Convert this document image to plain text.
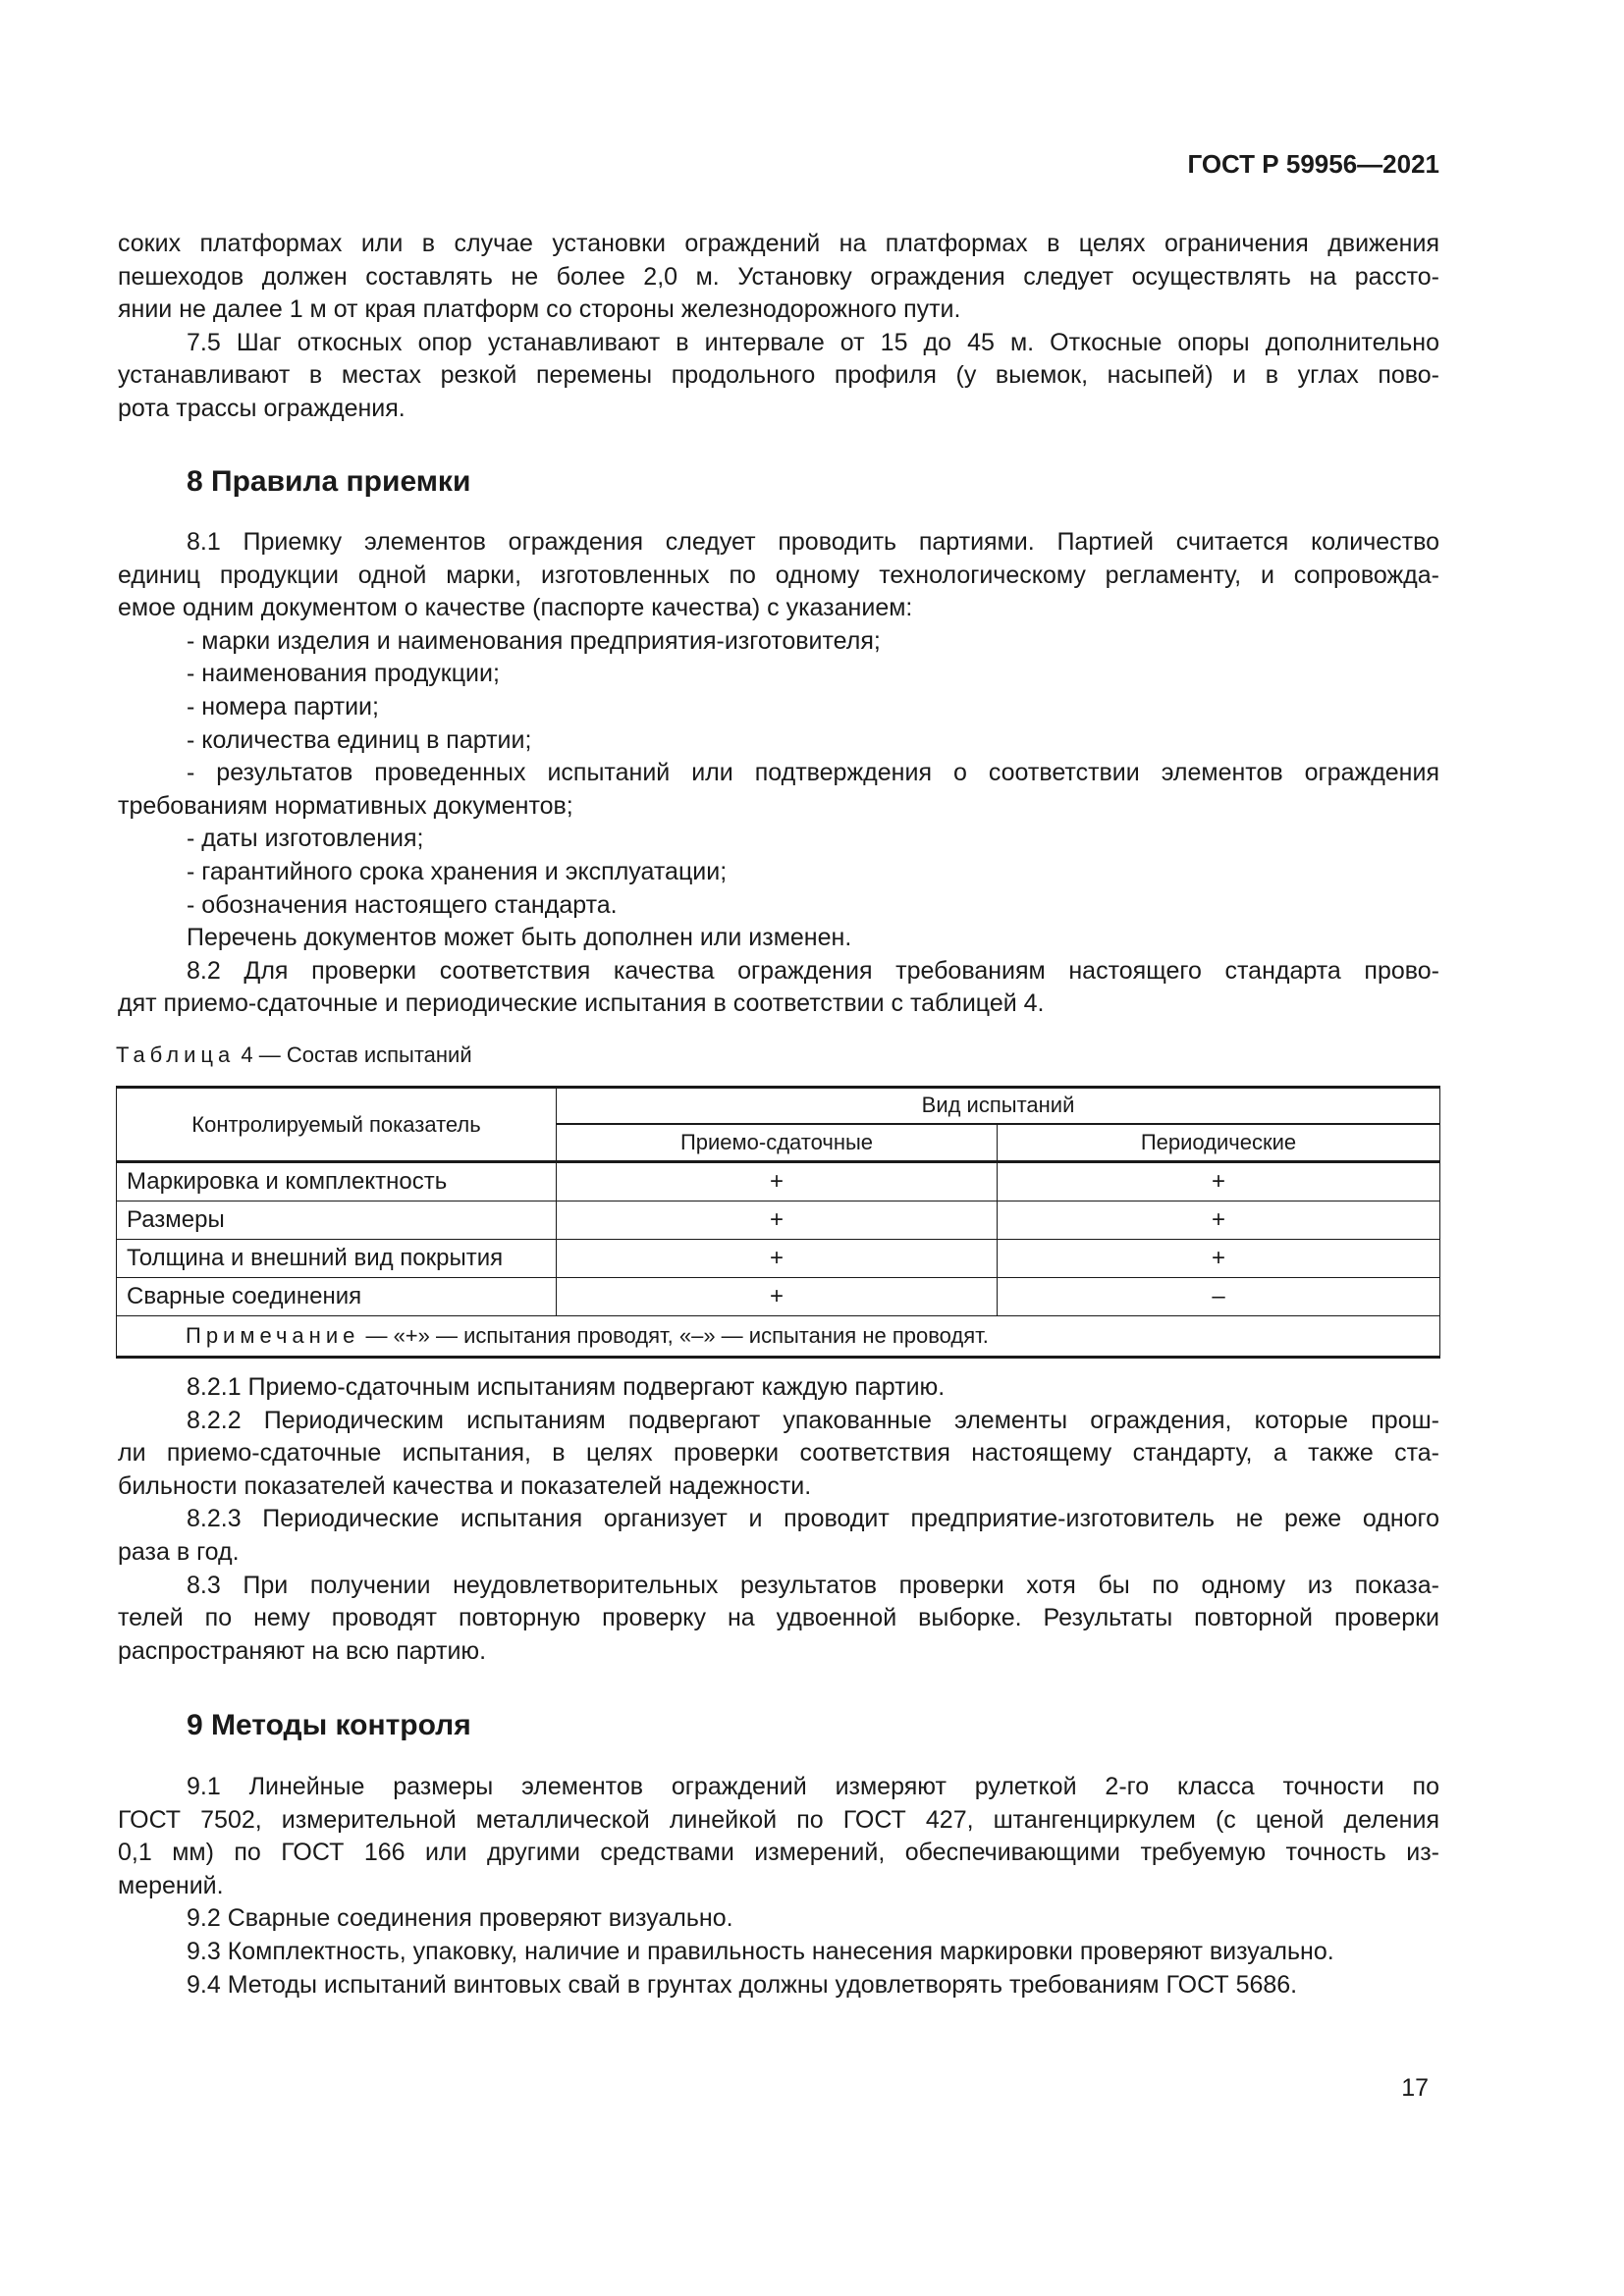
ГОСТ Р 59956—2021
соких платформах или в случае установки ограждений на платформах в целях ограничения движения
пешеходов должен составлять не более 2,0 м. Установку ограждения следует осуществлять на рассто-
янии не далее 1 м от края платформ со стороны железнодорожного пути.
7.5 Шаг откосных опор устанавливают в интервале от 15 до 45 м. Откосные опоры дополнительно
устанавливают в местах резкой перемены продольного профиля (у выемок, насыпей) и в углах пово-
рота трассы ограждения.
8 Правила приемки
8.1 Приемку элементов ограждения следует проводить партиями. Партией считается количество
единиц продукции одной марки, изготовленных по одному технологическому регламенту, и сопровожда-
емое одним документом о качестве (паспорте качества) с указанием:
- марки изделия и наименования предприятия-изготовителя;
- наименования продукции;
- номера партии;
- количества единиц в партии;
- результатов проведенных испытаний или подтверждения о соответствии элементов ограждения
требованиям нормативных документов;
- даты изготовления;
- гарантийного срока хранения и эксплуатации;
- обозначения настоящего стандарта.
Перечень документов может быть дополнен или изменен.
8.2 Для проверки соответствия качества ограждения требованиям настоящего стандарта прово-
дят приемо-сдаточные и периодические испытания в соответствии с таблицей 4.
Таблица 4 — Состав испытаний
Контролируемый показатель	Вид испытаний	
	Приемо-сдаточные	Периодические
Маркировка и комплектность	+	+
Размеры	+	+
Толщина и внешний вид покрытия	+	+
Сварные соединения	+	–
Примечание — «+» — испытания проводят, «–» — испытания не проводят.		
8.2.1 Приемо-сдаточным испытаниям подвергают каждую партию.
8.2.2 Периодическим испытаниям подвергают упакованные элементы ограждения, которые прош-
ли приемо-сдаточные испытания, в целях проверки соответствия настоящему стандарту, а также ста-
бильности показателей качества и показателей надежности.
8.2.3 Периодические испытания организует и проводит предприятие-изготовитель не реже одного
раза в год.
8.3 При получении неудовлетворительных результатов проверки хотя бы по одному из показа-
телей по нему проводят повторную проверку на удвоенной выборке. Результаты повторной проверки
распространяют на всю партию.
9 Методы контроля
9.1 Линейные размеры элементов ограждений измеряют рулеткой 2-го класса точности по
ГОСТ 7502, измерительной металлической линейкой по ГОСТ 427, штангенциркулем (с ценой деления
0,1 мм) по ГОСТ 166 или другими средствами измерений, обеспечивающими требуемую точность из-
мерений.
9.2 Сварные соединения проверяют визуально.
9.3 Комплектность, упаковку, наличие и правильность нанесения маркировки проверяют визуально.
9.4 Методы испытаний винтовых свай в грунтах должны удовлетворять требованиям ГОСТ 5686.
17
